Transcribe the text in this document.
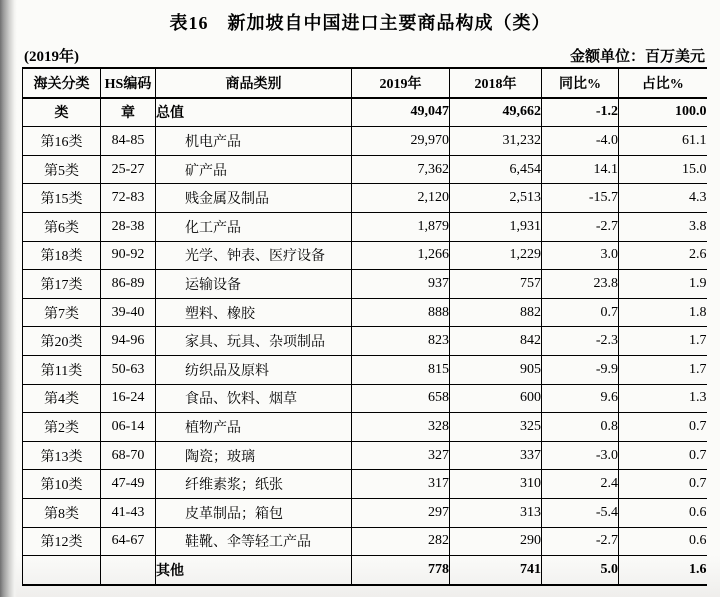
表16　新加坡自中国进口主要商品构成（类）
(2019年)	金额单位：百万美元
海关分类	HS编码	商品类别	2019年	2018年	同比%	占比%
类	章	总值	49,047	49,662	-1.2	100.0
第16类	84-85	机电产品	29,970	31,232	-4.0	61.1
第5类	25-27	矿产品	7,362	6,454	14.1	15.0
第15类	72-83	贱金属及制品	2,120	2,513	-15.7	4.3
第6类	28-38	化工产品	1,879	1,931	-2.7	3.8
第18类	90-92	光学、钟表、医疗设备	1,266	1,229	3.0	2.6
第17类	86-89	运输设备	937	757	23.8	1.9
第7类	39-40	塑料、橡胶	888	882	0.7	1.8
第20类	94-96	家具、玩具、杂项制品	823	842	-2.3	1.7
第11类	50-63	纺织品及原料	815	905	-9.9	1.7
第4类	16-24	食品、饮料、烟草	658	600	9.6	1.3
第2类	06-14	植物产品	328	325	0.8	0.7
第13类	68-70	陶瓷；玻璃	327	337	-3.0	0.7
第10类	47-49	纤维素浆；纸张	317	310	2.4	0.7
第8类	41-43	皮革制品；箱包	297	313	-5.4	0.6
第12类	64-67	鞋靴、伞等轻工产品	282	290	-2.7	0.6
		其他	778	741	5.0	1.6
